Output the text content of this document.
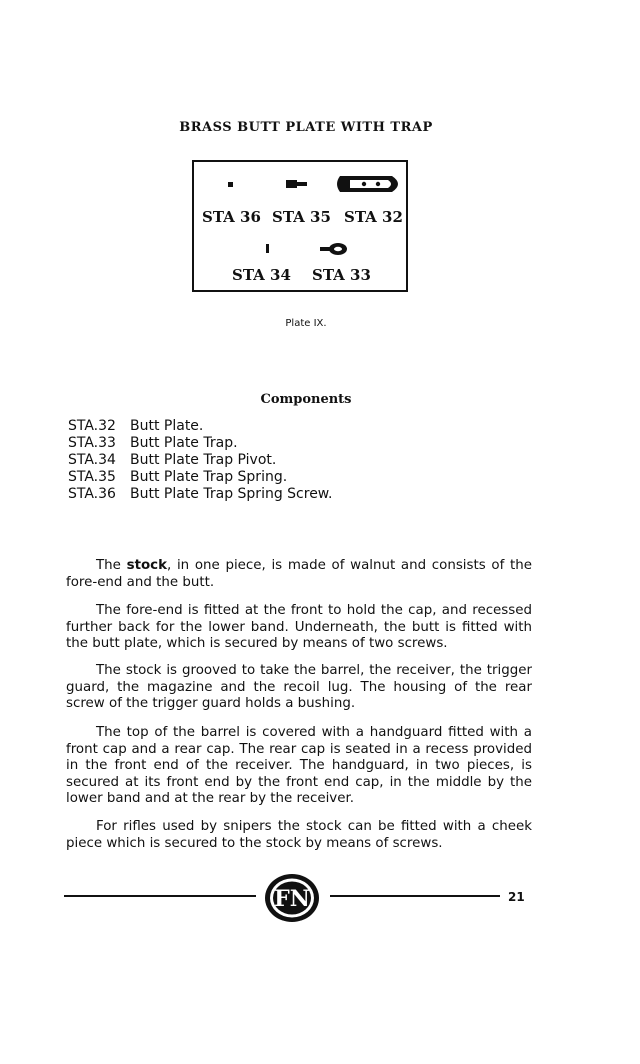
BRASS BUTT PLATE WITH TRAP
STA 36 STA 35 STA 32
STA 34 STA 33
Plate IX.
Components
STA.32	Butt Plate.
STA.33	Butt Plate Trap.
STA.34	Butt Plate Trap Pivot.
STA.35	Butt Plate Trap Spring.
STA.36	Butt Plate Trap Spring Screw.

The stock, in one piece, is made of walnut and consists of the fore-end and the butt.

The fore-end is fitted at the front to hold the cap, and recessed further back for the lower band. Underneath, the butt is fitted with the butt plate, which is secured by means of two screws.

The stock is grooved to take the barrel, the receiver, the trigger guard, the magazine and the recoil lug. The housing of the rear screw of the trigger guard holds a bushing.

The top of the barrel is covered with a handguard fitted with a front cap and a rear cap. The rear cap is seated in a recess provided in the front end of the receiver. The handguard, in two pieces, is secured at its front end by the front end cap, in the middle by the lower band and at the rear by the receiver.

For rifles used by snipers the stock can be fitted with a cheek piece which is secured to the stock by means of screws.

FN	21
